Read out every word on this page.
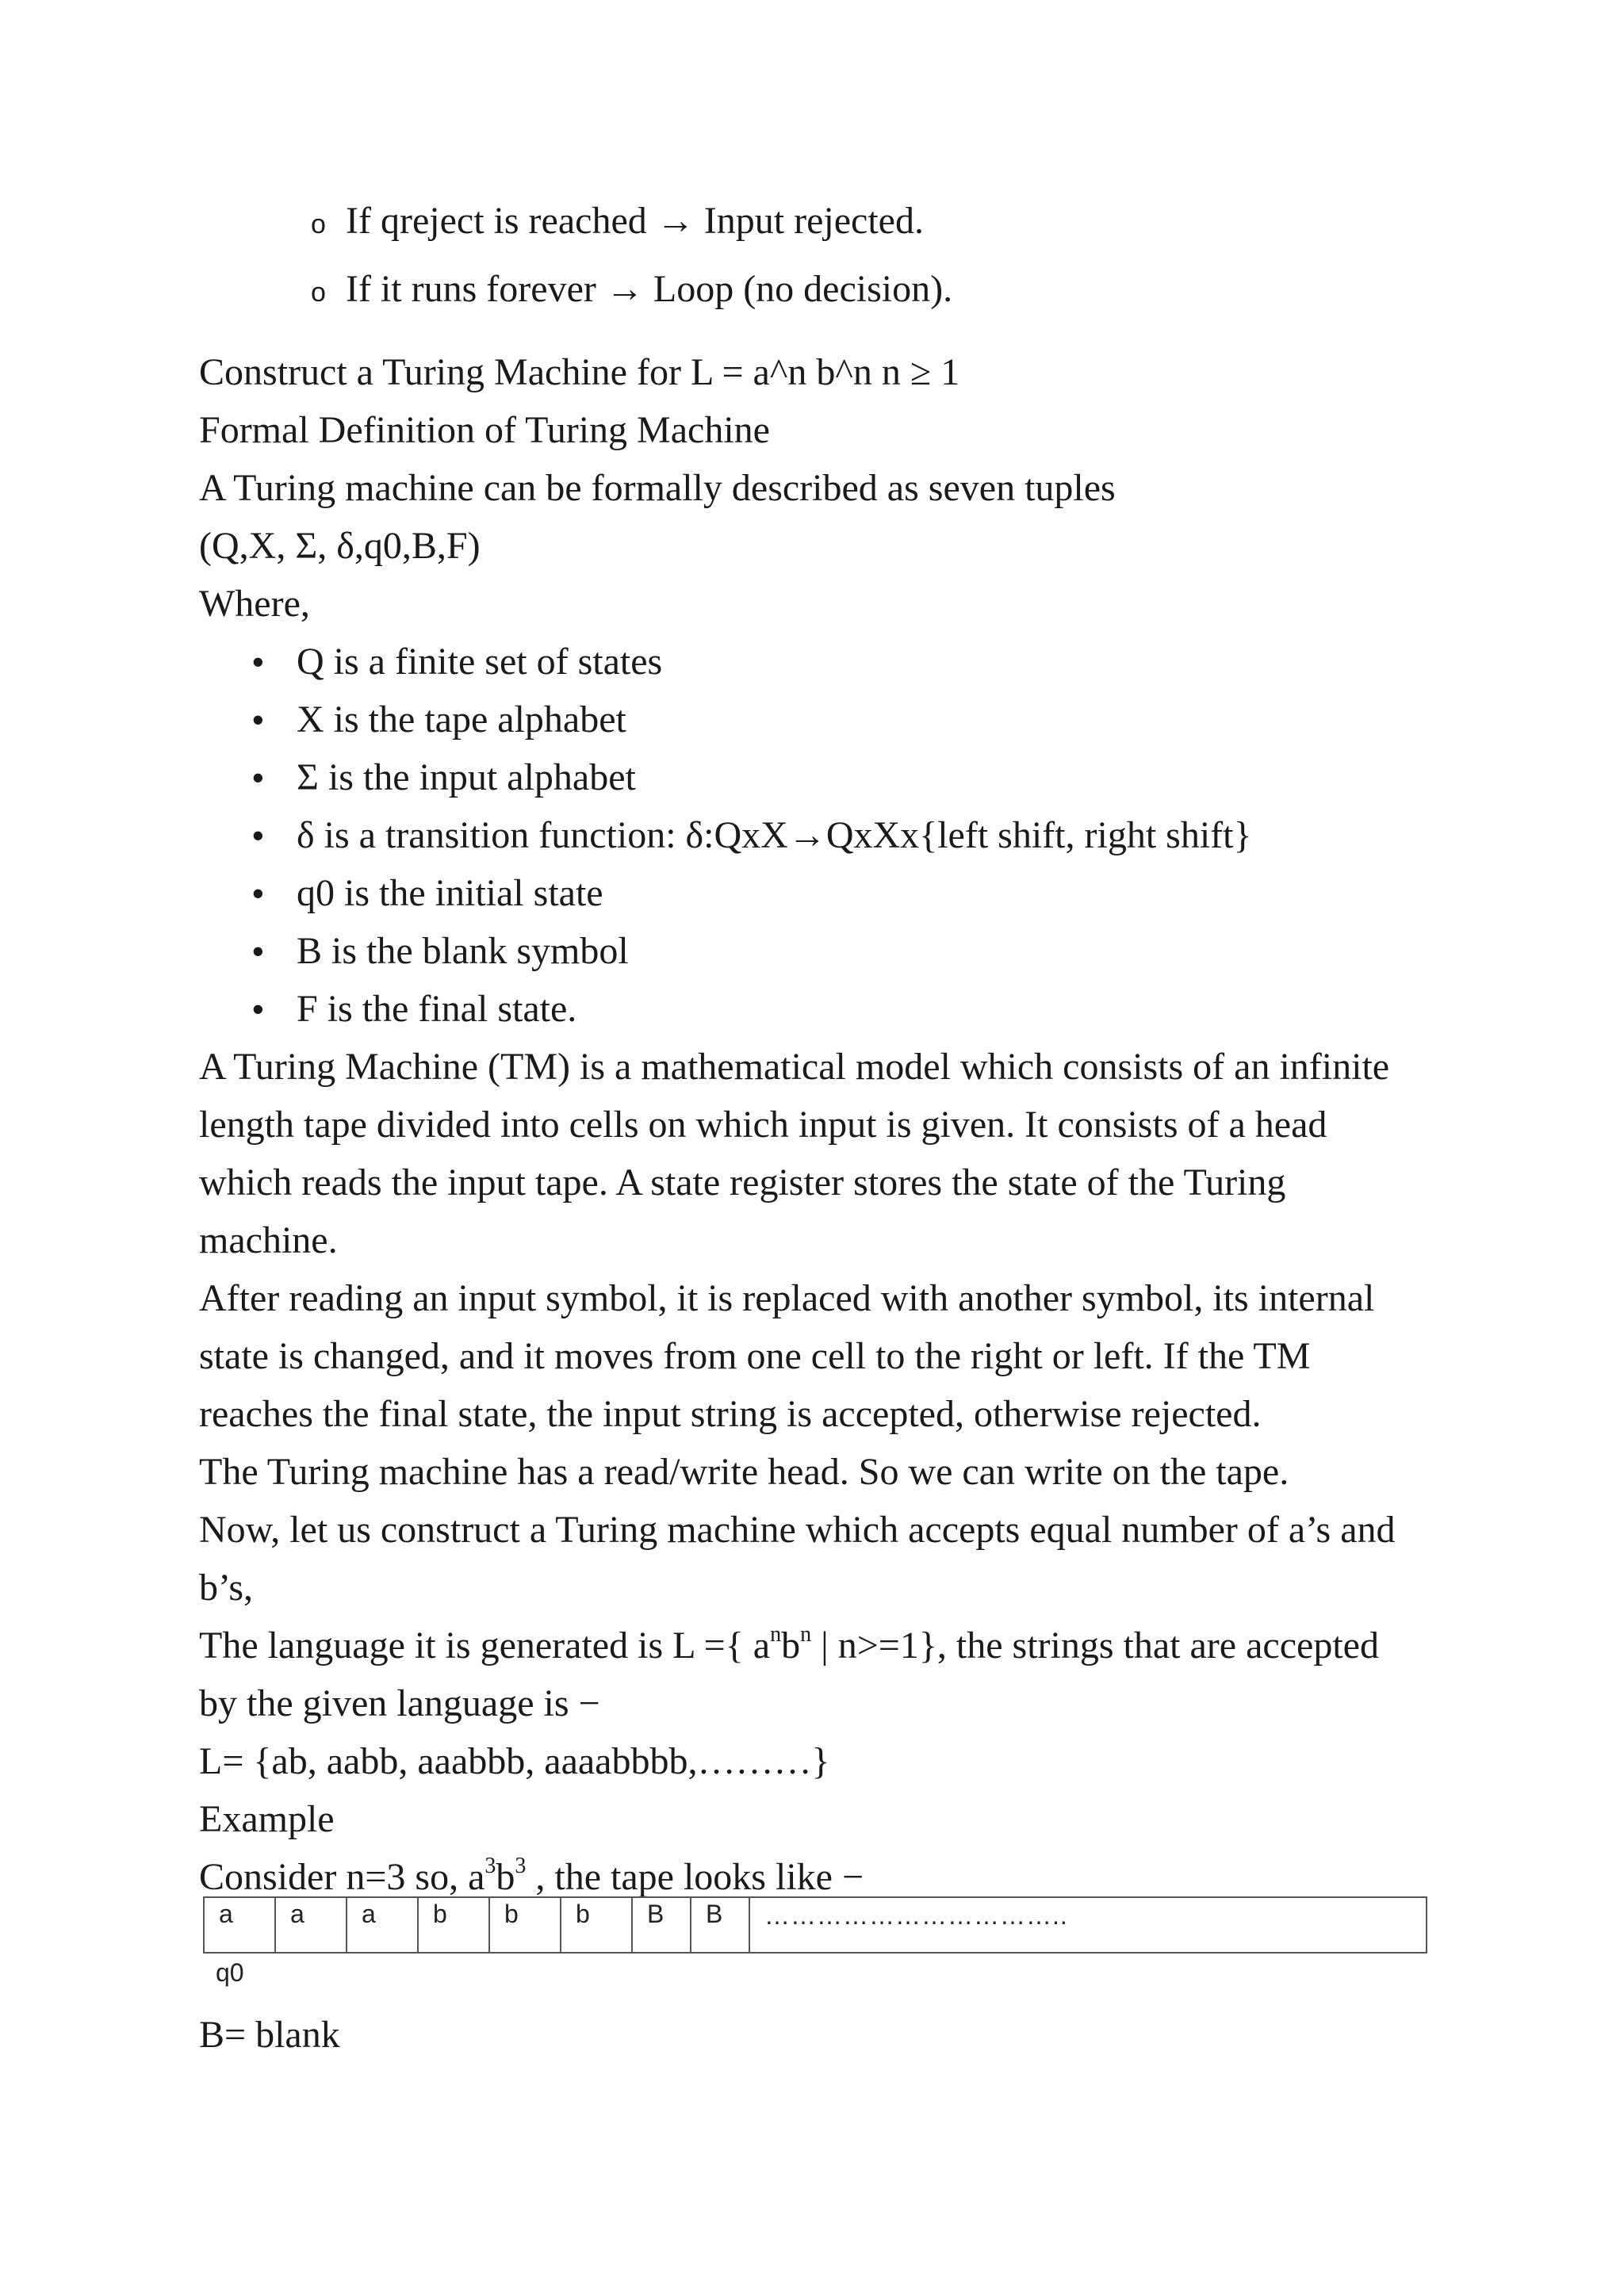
o If qreject is reached → Input rejected.
o If it runs forever → Loop (no decision).
Construct a Turing Machine for L = a^n b^n n ≥ 1
Formal Definition of Turing Machine
A Turing machine can be formally described as seven tuples
(Q,X, Σ, δ,q0,B,F)
Where,
• Q is a finite set of states
• X is the tape alphabet
• Σ is the input alphabet
• δ is a transition function: δ:QxX→QxXx{left shift, right shift}
• q0 is the initial state
• B is the blank symbol
• F is the final state.
A Turing Machine (TM) is a mathematical model which consists of an infinite
length tape divided into cells on which input is given. It consists of a head
which reads the input tape. A state register stores the state of the Turing
machine.
After reading an input symbol, it is replaced with another symbol, its internal
state is changed, and it moves from one cell to the right or left. If the TM
reaches the final state, the input string is accepted, otherwise rejected.
The Turing machine has a read/write head. So we can write on the tape.
Now, let us construct a Turing machine which accepts equal number of a’s and
b’s,
The language it is generated is L ={ $a^nb^n$ | n>=1}, the strings that are accepted
by the given language is −
L= {ab, aabb, aaabbb, aaaabbbb,………}
Example
Consider n=3 so, $a^3b^3$ , the tape looks like −
a	a	a	b	b	b	B	B	……………………………..
q0
B= blank
